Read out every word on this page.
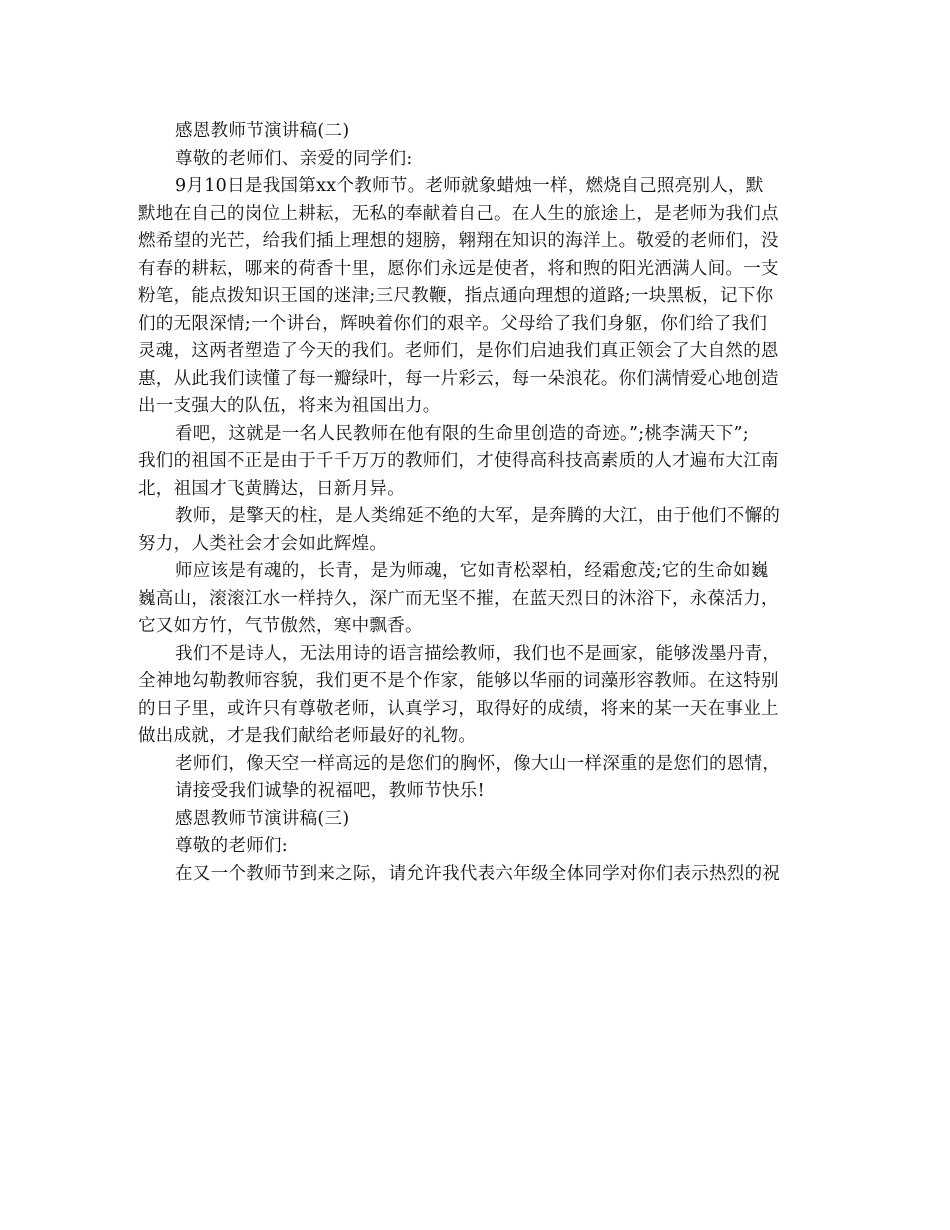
感恩教师节演讲稿(二)

尊敬的老师们、亲爱的同学们:

9月10日是我国第xx个教师节。老师就象蜡烛一样，燃烧自己照亮别人，默

默地在自己的岗位上耕耘，无私的奉献着自己。在人生的旅途上，是老师为我们点

燃希望的光芒，给我们插上理想的翅膀，翱翔在知识的海洋上。敬爱的老师们，没

有春的耕耘，哪来的荷香十里，愿你们永远是使者，将和煦的阳光洒满人间。一支

粉笔，能点拨知识王国的迷津;三尺教鞭，指点通向理想的道路;一块黑板，记下你

们的无限深情;一个讲台，辉映着你们的艰辛。父母给了我们身躯，你们给了我们

灵魂，这两者塑造了今天的我们。老师们，是你们启迪我们真正领会了大自然的恩

惠，从此我们读懂了每一瓣绿叶，每一片彩云，每一朵浪花。你们满情爱心地创造

出一支强大的队伍，将来为祖国出力。

看吧，这就是一名人民教师在他有限的生命里创造的奇迹。”;桃李满天下”;

我们的祖国不正是由于千千万万的教师们，才使得高科技高素质的人才遍布大江南

北，祖国才飞黄腾达，日新月异。

教师，是擎天的柱，是人类绵延不绝的大军，是奔腾的大江，由于他们不懈的

努力，人类社会才会如此辉煌。

师应该是有魂的，长青，是为师魂，它如青松翠柏，经霜愈茂;它的生命如巍

巍高山，滚滚江水一样持久，深广而无坚不摧，在蓝天烈日的沐浴下，永葆活力，

它又如方竹，气节傲然，寒中飘香。

我们不是诗人，无法用诗的语言描绘教师，我们也不是画家，能够泼墨丹青，

全神地勾勒教师容貌，我们更不是个作家，能够以华丽的词藻形容教师。在这特别

的日子里，或许只有尊敬老师，认真学习，取得好的成绩，将来的某一天在事业上

做出成就，才是我们献给老师最好的礼物。

老师们，像天空一样高远的是您们的胸怀，像大山一样深重的是您们的恩情，

请接受我们诚挚的祝福吧，教师节快乐!

感恩教师节演讲稿(三)

尊敬的老师们:

在又一个教师节到来之际，请允许我代表六年级全体同学对你们表示热烈的祝
